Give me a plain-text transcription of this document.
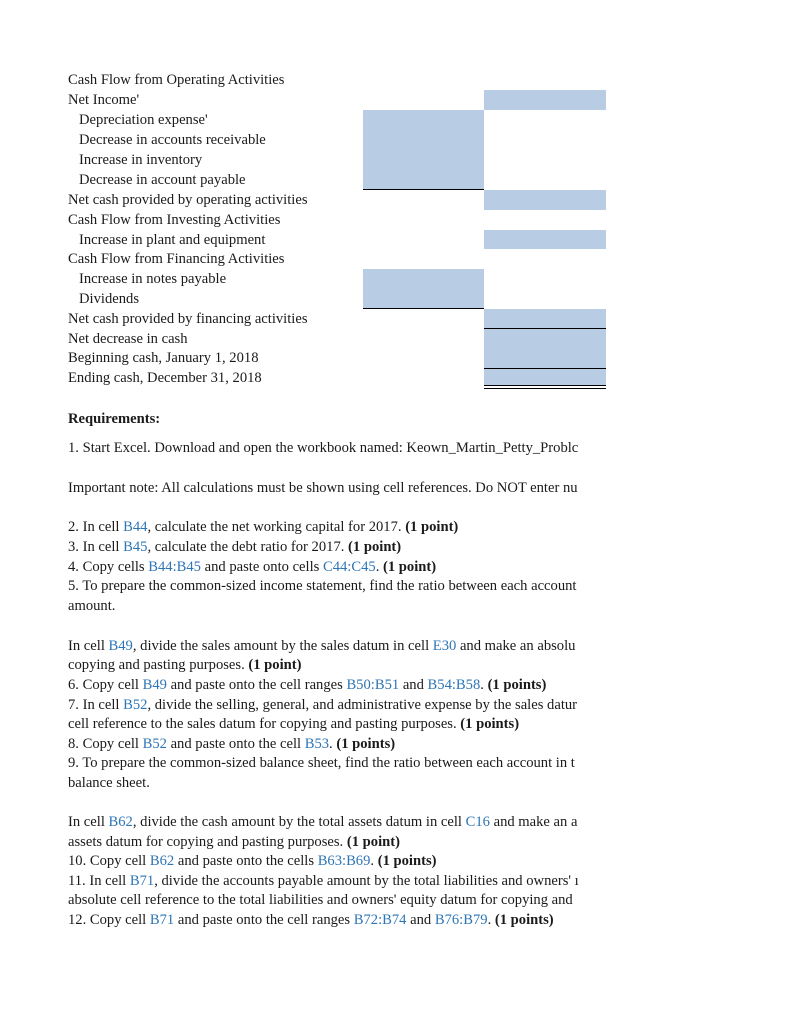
Cash Flow from Operating Activities
Net Income'
Depreciation expense'
Decrease in accounts receivable
Increase in inventory
Decrease in account payable
Net cash provided by operating activities
Cash Flow from Investing Activities
Increase in plant and equipment
Cash Flow from Financing Activities
Increase in notes payable
Dividends
Net cash provided by financing activities
Net decrease in cash
Beginning cash, January 1, 2018
Ending cash, December 31, 2018
Requirements:
1. Start Excel. Download and open the workbook named: Keown_Martin_Petty_Problc
Important note: All calculations must be shown using cell references. Do NOT enter nu
2. In cell B44, calculate the net working capital for 2017. (1 point)
3. In cell B45, calculate the debt ratio for 2017. (1 point)
4. Copy cells B44:B45 and paste onto cells C44:C45. (1 point)
5. To prepare the common-sized income statement, find the ratio between each account
amount.
In cell B49, divide the sales amount by the sales datum in cell E30 and make an absolu
copying and pasting purposes. (1 point)
6. Copy cell B49 and paste onto the cell ranges B50:B51 and B54:B58. (1 points)
7. In cell B52, divide the selling, general, and administrative expense by the sales datur
cell reference to the sales datum for copying and pasting purposes. (1 points)
8. Copy cell B52 and paste onto the cell B53. (1 points)
9. To prepare the common-sized balance sheet, find the ratio between each account in t
balance sheet.
In cell B62, divide the cash amount by the total assets datum in cell C16 and make an a
assets datum for copying and pasting purposes. (1 point)
10. Copy cell B62 and paste onto the cells B63:B69. (1 points)
11. In cell B71, divide the accounts payable amount by the total liabilities and owners' ı
absolute cell reference to the total liabilities and owners' equity datum for copying and
12. Copy cell B71 and paste onto the cell ranges B72:B74 and B76:B79. (1 points)
